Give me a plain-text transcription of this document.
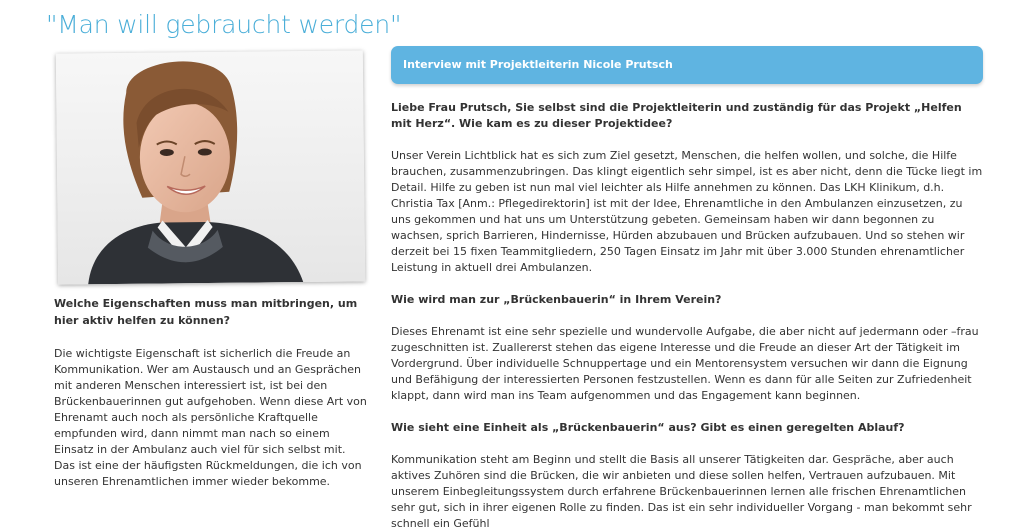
"Man will gebraucht werden"

Welche Eigenschaften muss man mitbringen, um hier aktiv helfen zu können?

Die wichtigste Eigenschaft ist sicherlich die Freude an Kommunikation. Wer am Austausch und an Gesprächen mit anderen Menschen interessiert ist, ist bei den Brückenbauerinnen gut aufgehoben. Wenn diese Art von Ehrenamt auch noch als persönliche Kraftquelle empfunden wird, dann nimmt man nach so einem Einsatz in der Ambulanz auch viel für sich selbst mit. Das ist eine der häufigsten Rückmeldungen, die ich von unseren Ehrenamtlichen immer wieder bekomme.

Interview mit Projektleiterin Nicole Prutsch

Liebe Frau Prutsch, Sie selbst sind die Projektleiterin und zuständig für das Projekt „Helfen mit Herz“. Wie kam es zu dieser Projektidee?

Unser Verein Lichtblick hat es sich zum Ziel gesetzt, Menschen, die helfen wollen, und solche, die Hilfe brauchen, zusammenzubringen. Das klingt eigentlich sehr simpel, ist es aber nicht, denn die Tücke liegt im Detail. Hilfe zu geben ist nun mal viel leichter als Hilfe annehmen zu können. Das LKH Klinikum, d.h. Christia Tax [Anm.: Pflegedirektorin] ist mit der Idee, Ehrenamtliche in den Ambulanzen einzusetzen, zu uns gekommen und hat uns um Unterstützung gebeten. Gemeinsam haben wir dann begonnen zu wachsen, sprich Barrieren, Hindernisse, Hürden abzubauen und Brücken aufzubauen. Und so stehen wir derzeit bei 15 fixen Teammitgliedern, 250 Tagen Einsatz im Jahr mit über 3.000 Stunden ehrenamtlicher Leistung in aktuell drei Ambulanzen.

Wie wird man zur „Brückenbauerin“ in Ihrem Verein?

Dieses Ehrenamt ist eine sehr spezielle und wundervolle Aufgabe, die aber nicht auf jedermann oder –frau zugeschnitten ist. Zuallererst stehen das eigene Interesse und die Freude an dieser Art der Tätigkeit im Vordergrund. Über individuelle Schnuppertage und ein Mentorensystem versuchen wir dann die Eignung und Befähigung der interessierten Personen festzustellen. Wenn es dann für alle Seiten zur Zufriedenheit klappt, dann wird man ins Team aufgenommen und das Engagement kann beginnen.

Wie sieht eine Einheit als „Brückenbauerin“ aus? Gibt es einen geregelten Ablauf?

Kommunikation steht am Beginn und stellt die Basis all unserer Tätigkeiten dar. Gespräche, aber auch aktives Zuhören sind die Brücken, die wir anbieten und diese sollen helfen, Vertrauen aufzubauen. Mit unserem Einbegleitungssystem durch erfahrene Brückenbauerinnen lernen alle frischen Ehrenamtlichen sehr gut, sich in ihrer eigenen Rolle zu finden. Das ist ein sehr individueller Vorgang - man bekommt sehr schnell ein Gefühl
